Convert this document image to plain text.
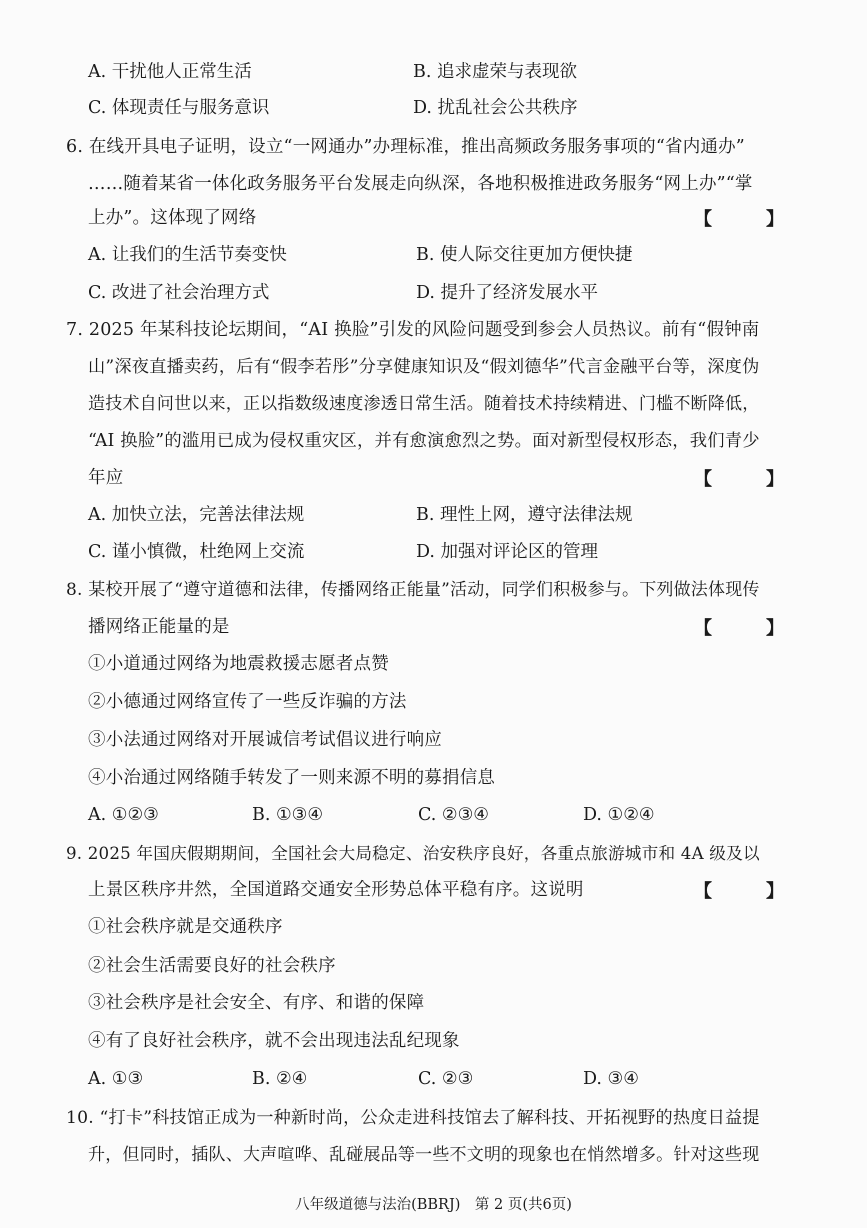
A. 干扰他人正常生活	B. 追求虚荣与表现欲
C. 体现责任与服务意识	D. 扰乱社会公共秩序
6. 在线开具电子证明，设立“一网通办”办理标准，推出高频政务服务事项的“省内通办”
……随着某省一体化政务服务平台发展走向纵深，各地积极推进政务服务“网上办”“掌
上办”。这体现了网络	【　】
A. 让我们的生活节奏变快	B. 使人际交往更加方便快捷
C. 改进了社会治理方式	D. 提升了经济发展水平
7. 2025 年某科技论坛期间，“AI 换脸”引发的风险问题受到参会人员热议。前有“假钟南
山”深夜直播卖药，后有“假李若彤”分享健康知识及“假刘德华”代言金融平台等，深度伪
造技术自问世以来，正以指数级速度渗透日常生活。随着技术持续精进、门槛不断降低，
“AI 换脸”的滥用已成为侵权重灾区，并有愈演愈烈之势。面对新型侵权形态，我们青少
年应	【　】
A. 加快立法，完善法律法规	B. 理性上网，遵守法律法规
C. 谨小慎微，杜绝网上交流	D. 加强对评论区的管理
8. 某校开展了“遵守道德和法律，传播网络正能量”活动，同学们积极参与。下列做法体现传
播网络正能量的是	【　】
①小道通过网络为地震救援志愿者点赞
②小德通过网络宣传了一些反诈骗的方法
③小法通过网络对开展诚信考试倡议进行响应
④小治通过网络随手转发了一则来源不明的募捐信息
A. ①②③	B. ①③④	C. ②③④	D. ①②④
9. 2025 年国庆假期期间，全国社会大局稳定、治安秩序良好，各重点旅游城市和 4A 级及以
上景区秩序井然，全国道路交通安全形势总体平稳有序。这说明	【　】
①社会秩序就是交通秩序
②社会生活需要良好的社会秩序
③社会秩序是社会安全、有序、和谐的保障
④有了良好社会秩序，就不会出现违法乱纪现象
A. ①③	B. ②④	C. ②③	D. ③④
10. “打卡”科技馆正成为一种新时尚，公众走进科技馆去了解科技、开拓视野的热度日益提
升，但同时，插队、大声喧哗、乱碰展品等一些不文明的现象也在悄然增多。针对这些现
八年级道德与法治(BBRJ)　第 2 页(共6页)
